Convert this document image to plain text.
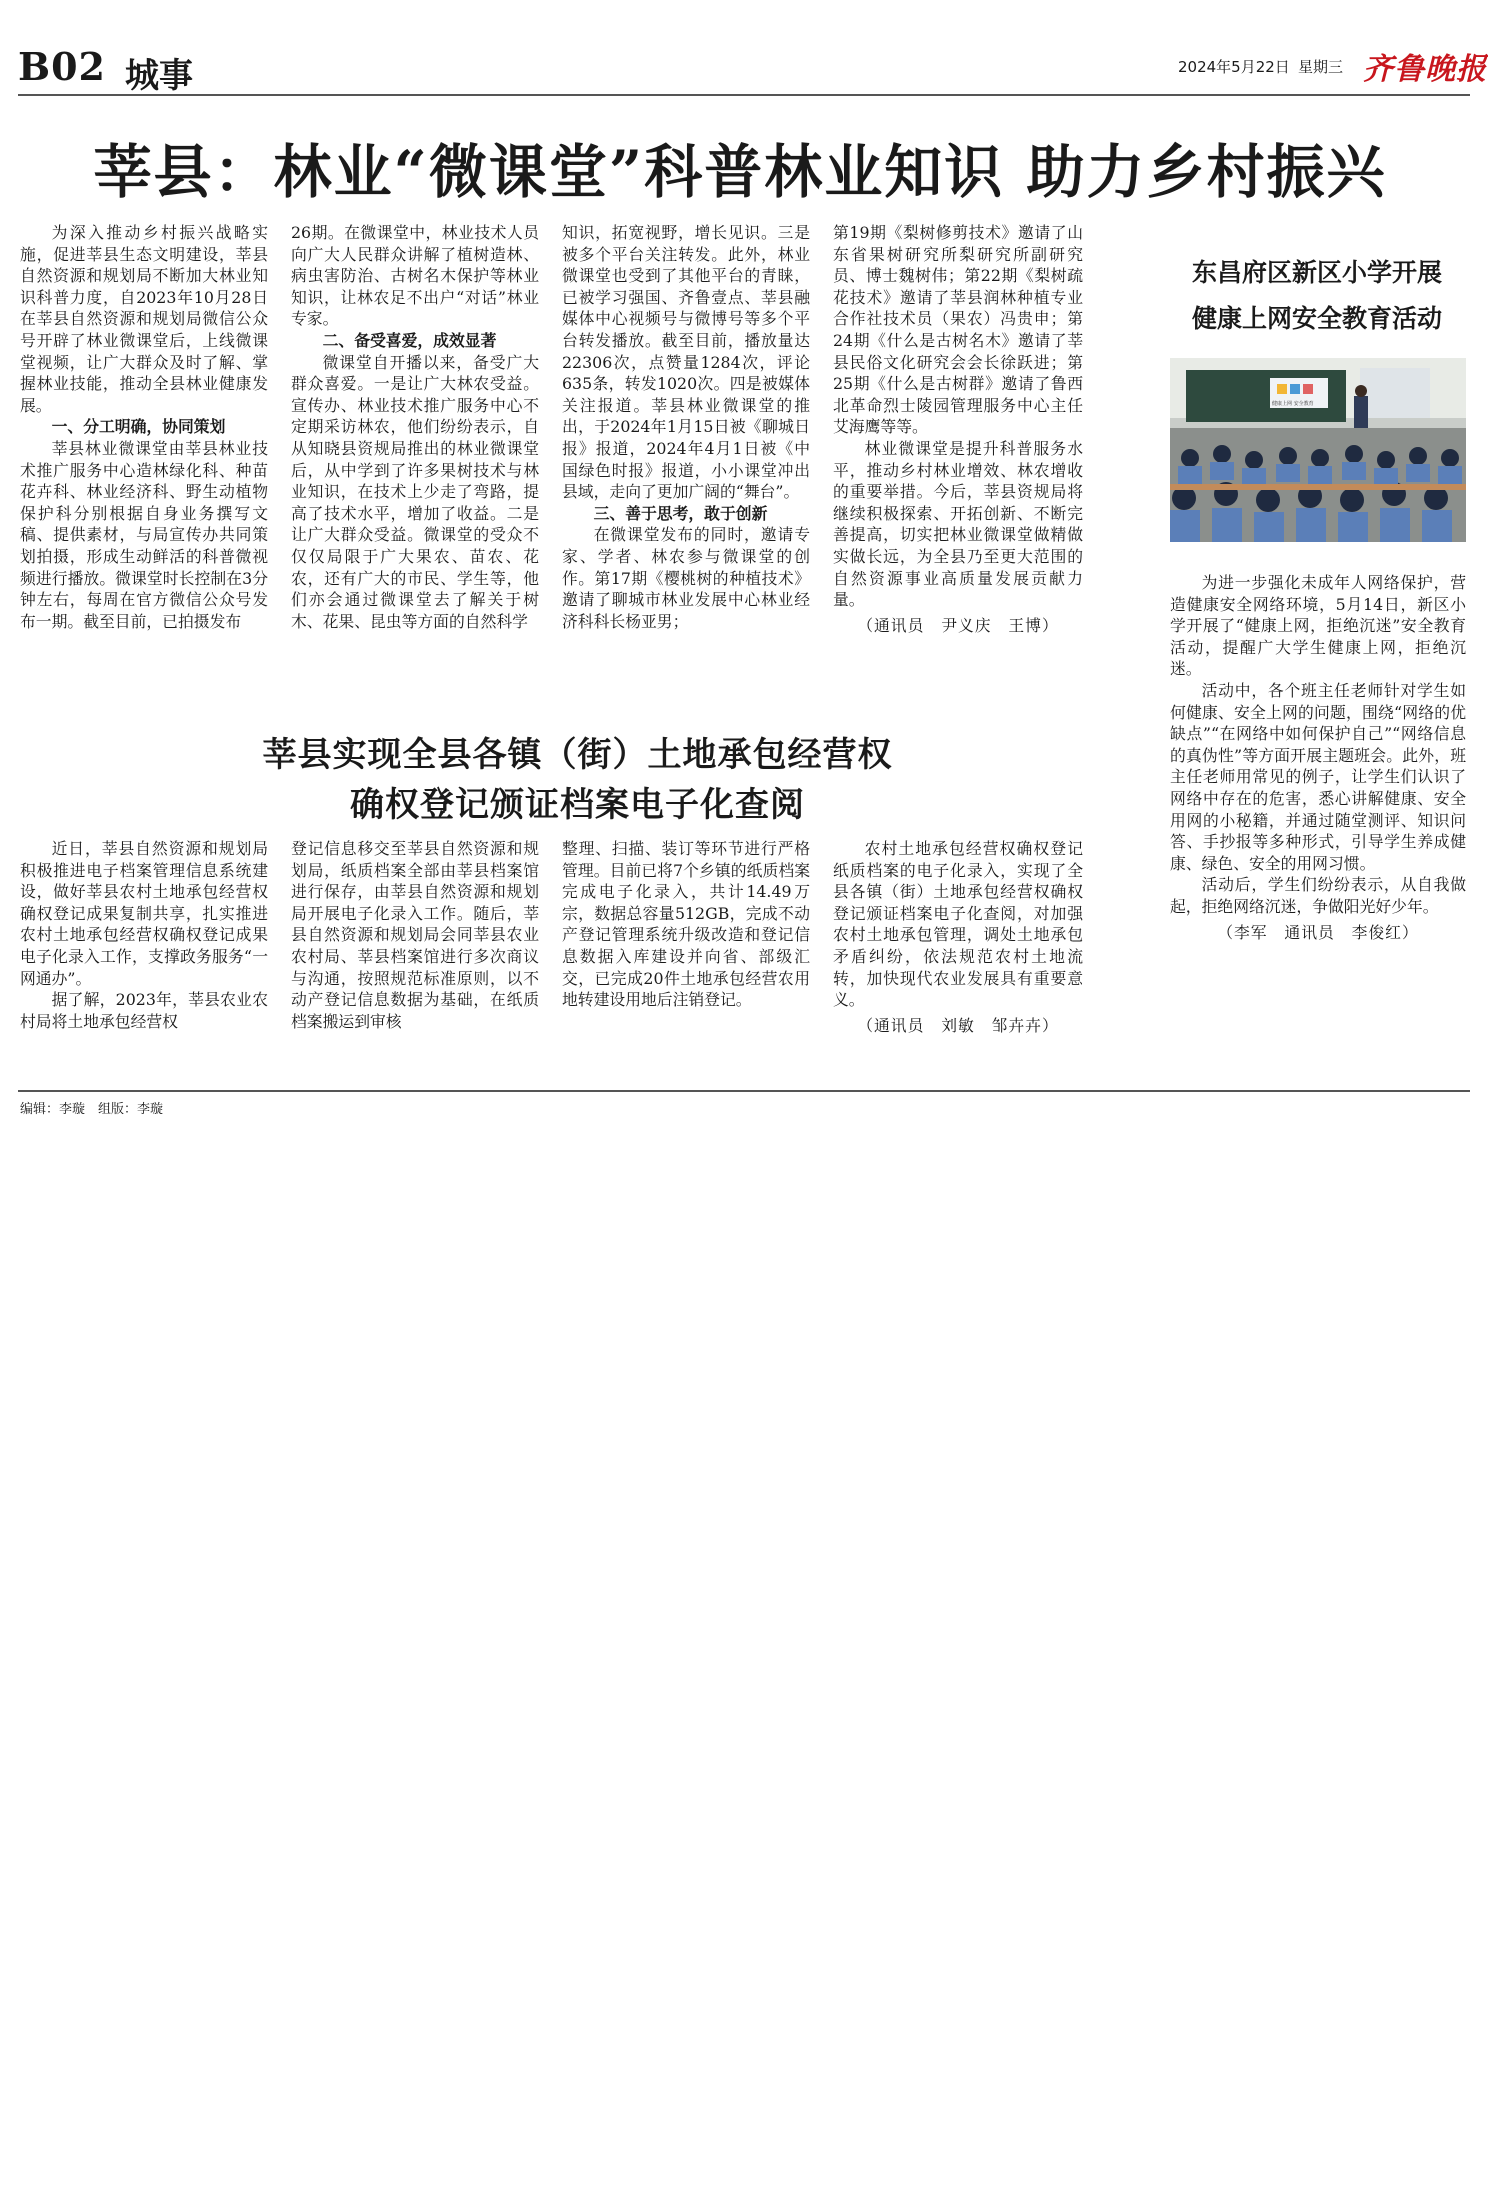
B02 城事	2024年5月22日 星期三 齐鲁晚报
莘县：林业“微课堂”科普林业知识 助力乡村振兴

为深入推动乡村振兴战略实施，促进莘县生态文明建设，莘县自然资源和规划局不断加大林业知识科普力度，自2023年10月28日在莘县自然资源和规划局微信公众号开辟了林业微课堂后，上线微课堂视频，让广大群众及时了解、掌握林业技能，推动全县林业健康发展。

一、分工明确，协同策划

莘县林业微课堂由莘县林业技术推广服务中心造林绿化科、种苗花卉科、林业经济科、野生动植物保护科分别根据自身业务撰写文稿、提供素材，与局宣传办共同策划拍摄，形成生动鲜活的科普微视频进行播放。微课堂时长控制在3分钟左右，每周在官方微信公众号发布一期。截至目前，已拍摄发布

26期。在微课堂中，林业技术人员向广大人民群众讲解了植树造林、病虫害防治、古树名木保护等林业知识，让林农足不出户“对话”林业专家。

二、备受喜爱，成效显著

微课堂自开播以来，备受广大群众喜爱。一是让广大林农受益。宣传办、林业技术推广服务中心不定期采访林农，他们纷纷表示，自从知晓县资规局推出的林业微课堂后，从中学到了许多果树技术与林业知识，在技术上少走了弯路，提高了技术水平，增加了收益。二是让广大群众受益。微课堂的受众不仅仅局限于广大果农、苗农、花农，还有广大的市民、学生等，他们亦会通过微课堂去了解关于树木、花果、昆虫等方面的自然科学

知识，拓宽视野，增长见识。三是被多个平台关注转发。此外，林业微课堂也受到了其他平台的青睐，已被学习强国、齐鲁壹点、莘县融媒体中心视频号与微博号等多个平台转发播放。截至目前，播放量达22306次，点赞量1284次，评论635条，转发1020次。四是被媒体关注报道。莘县林业微课堂的推出，于2024年1月15日被《聊城日报》报道，2024年4月1日被《中国绿色时报》报道，小小课堂冲出县域，走向了更加广阔的“舞台”。

三、善于思考，敢于创新

在微课堂发布的同时，邀请专家、学者、林农参与微课堂的创作。第17期《樱桃树的种植技术》邀请了聊城市林业发展中心林业经济科科长杨亚男；

第19期《梨树修剪技术》邀请了山东省果树研究所梨研究所副研究员、博士魏树伟；第22期《梨树疏花技术》邀请了莘县润林种植专业合作社技术员（果农）冯贵申；第24期《什么是古树名木》邀请了莘县民俗文化研究会会长徐跃进；第25期《什么是古树群》邀请了鲁西北革命烈士陵园管理服务中心主任艾海鹰等等。

林业微课堂是提升科普服务水平，推动乡村林业增效、林农增收的重要举措。今后，莘县资规局将继续积极探索、开拓创新、不断完善提高，切实把林业微课堂做精做实做长远，为全县乃至更大范围的自然资源事业高质量发展贡献力量。

（通讯员　尹义庆　王博）

莘县实现全县各镇（街）土地承包经营权
确权登记颁证档案电子化查阅

近日，莘县自然资源和规划局积极推进电子档案管理信息系统建设，做好莘县农村土地承包经营权确权登记成果复制共享，扎实推进农村土地承包经营权确权登记成果电子化录入工作，支撑政务服务“一网通办”。

据了解，2023年，莘县农业农村局将土地承包经营权

登记信息移交至莘县自然资源和规划局，纸质档案全部由莘县档案馆进行保存，由莘县自然资源和规划局开展电子化录入工作。随后，莘县自然资源和规划局会同莘县农业农村局、莘县档案馆进行多次商议与沟通，按照规范标准原则，以不动产登记信息数据为基础，在纸质档案搬运到审核

整理、扫描、装订等环节进行严格管理。目前已将7个乡镇的纸质档案完成电子化录入，共计14.49万宗，数据总容量512GB，完成不动产登记管理系统升级改造和登记信息数据入库建设并向省、部级汇交，已完成20件土地承包经营农用地转建设用地后注销登记。

农村土地承包经营权确权登记纸质档案的电子化录入，实现了全县各镇（街）土地承包经营权确权登记颁证档案电子化查阅，对加强农村土地承包管理，调处土地承包矛盾纠纷，依法规范农村土地流转，加快现代农业发展具有重要意义。

（通讯员　刘敏　邹卉卉）

东昌府区新区小学开展
健康上网安全教育活动
健康上网 安全教育

为进一步强化未成年人网络保护，营造健康安全网络环境，5月14日，新区小学开展了“健康上网，拒绝沉迷”安全教育活动，提醒广大学生健康上网，拒绝沉迷。

活动中，各个班主任老师针对学生如何健康、安全上网的问题，围绕“网络的优缺点”“在网络中如何保护自己”“网络信息的真伪性”等方面开展主题班会。此外，班主任老师用常见的例子，让学生们认识了网络中存在的危害，悉心讲解健康、安全用网的小秘籍，并通过随堂测评、知识问答、手抄报等多种形式，引导学生养成健康、绿色、安全的用网习惯。

活动后，学生们纷纷表示，从自我做起，拒绝网络沉迷，争做阳光好少年。

（李军　通讯员　李俊红）

编辑：李璇　组版：李璇
